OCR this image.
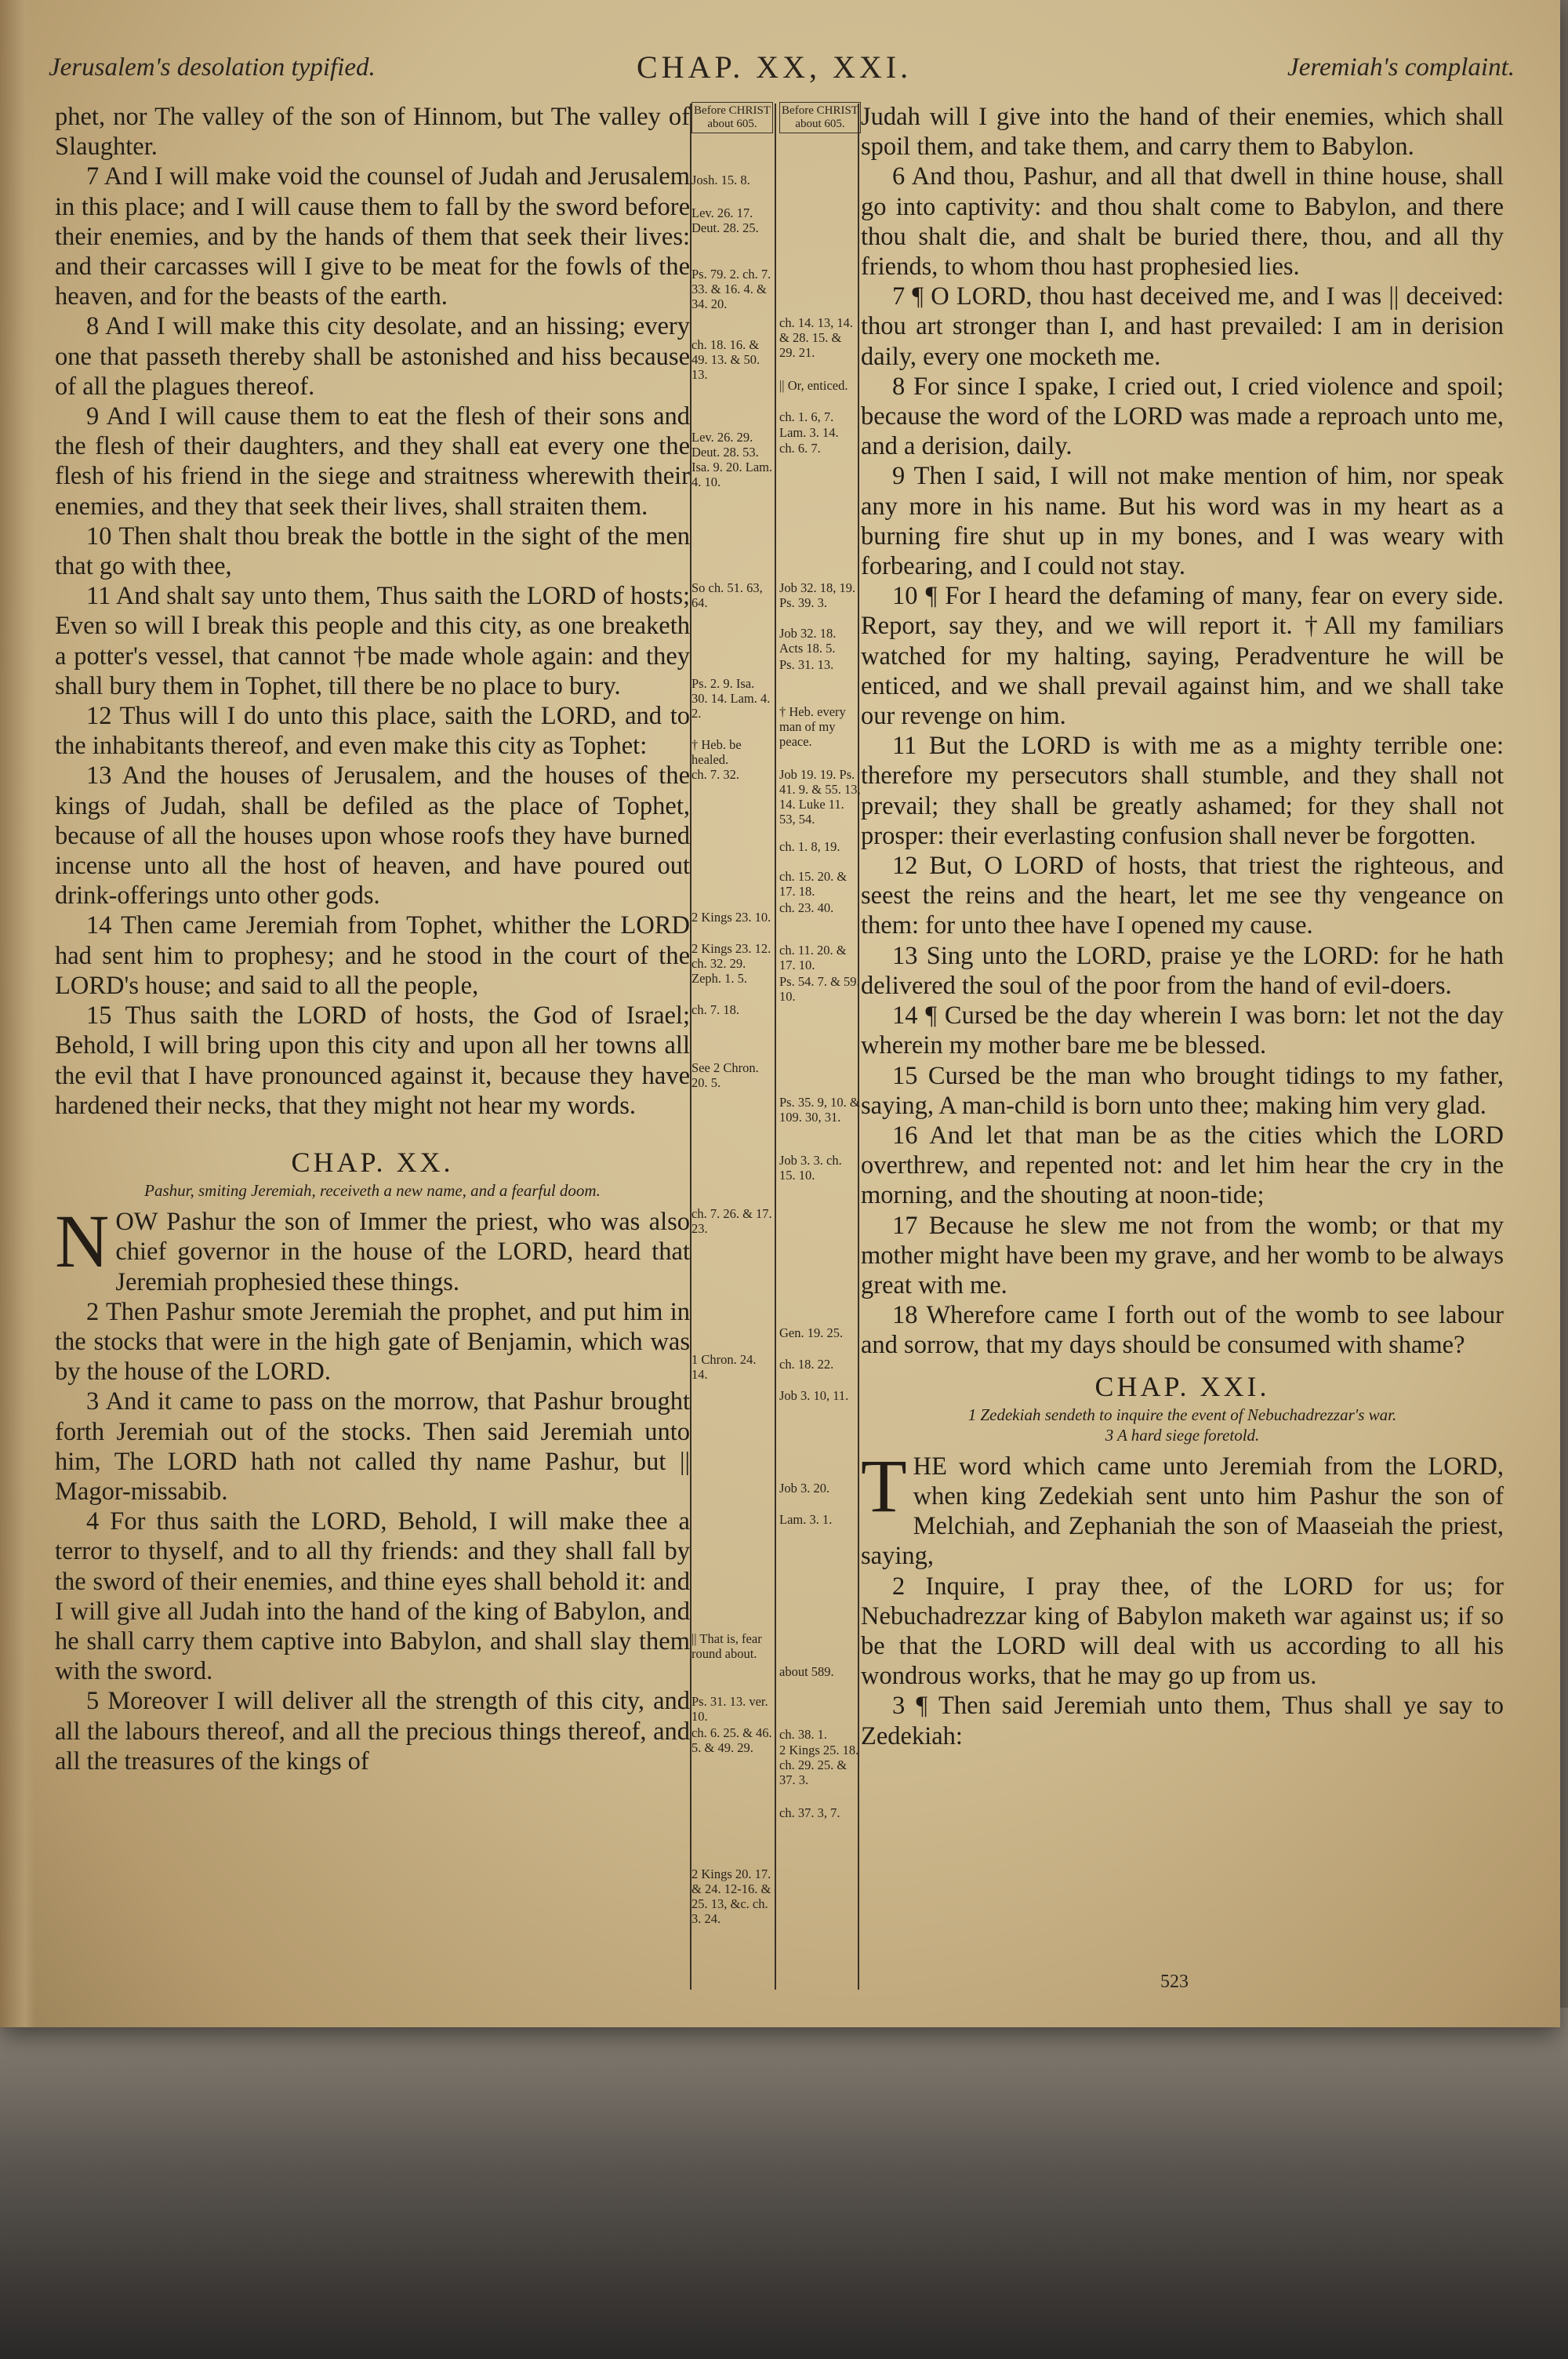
Jerusalem's desolation typified.	CHAP. XX, XXI.	Jeremiah's complaint.

phet, nor The valley of the son of Hinnom, but The valley of Slaughter.

7 And I will make void the counsel of Judah and Jerusalem in this place; and I will cause them to fall by the sword before their enemies, and by the hands of them that seek their lives: and their carcasses will I give to be meat for the fowls of the heaven, and for the beasts of the earth.

8 And I will make this city desolate, and an hissing; every one that passeth thereby shall be astonished and hiss because of all the plagues thereof.

9 And I will cause them to eat the flesh of their sons and the flesh of their daughters, and they shall eat every one the flesh of his friend in the siege and straitness wherewith their enemies, and they that seek their lives, shall straiten them.

10 Then shalt thou break the bottle in the sight of the men that go with thee,

11 And shalt say unto them, Thus saith the LORD of hosts; Even so will I break this people and this city, as one breaketh a potter's vessel, that cannot †be made whole again: and they shall bury them in Tophet, till there be no place to bury.

12 Thus will I do unto this place, saith the LORD, and to the inhabitants thereof, and even make this city as Tophet:

13 And the houses of Jerusalem, and the houses of the kings of Judah, shall be defiled as the place of Tophet, because of all the houses upon whose roofs they have burned incense unto all the host of heaven, and have poured out drink-offerings unto other gods.

14 Then came Jeremiah from Tophet, whither the LORD had sent him to prophesy; and he stood in the court of the LORD's house; and said to all the people,

15 Thus saith the LORD of hosts, the God of Israel; Behold, I will bring upon this city and upon all her towns all the evil that I have pronounced against it, because they have hardened their necks, that they might not hear my words.

CHAP. XX.
Pashur, smiting Jeremiah, receiveth a new name, and a fearful doom.

NOW Pashur the son of Immer the priest, who was also chief governor in the house of the LORD, heard that Jeremiah prophesied these things.

2 Then Pashur smote Jeremiah the prophet, and put him in the stocks that were in the high gate of Benjamin, which was by the house of the LORD.

3 And it came to pass on the morrow, that Pashur brought forth Jeremiah out of the stocks. Then said Jeremiah unto him, The LORD hath not called thy name Pashur, but || Magor-missabib.

4 For thus saith the LORD, Behold, I will make thee a terror to thyself, and to all thy friends: and they shall fall by the sword of their enemies, and thine eyes shall behold it: and I will give all Judah into the hand of the king of Babylon, and he shall carry them captive into Babylon, and shall slay them with the sword.

5 Moreover I will deliver all the strength of this city, and all the labours thereof, and all the precious things thereof, and all the treasures of the kings of

Before CHRIST about 605.
Josh. 15. 8.
Lev. 26. 17. Deut. 28. 25.
Ps. 79. 2. ch. 7. 33. & 16. 4. & 34. 20.
ch. 18. 16. & 49. 13. & 50. 13.
Lev. 26. 29. Deut. 28. 53. Isa. 9. 20. Lam. 4. 10.
So ch. 51. 63, 64.
Ps. 2. 9. Isa. 30. 14. Lam. 4. 2.
† Heb. be healed.
ch. 7. 32.
2 Kings 23. 10.
2 Kings 23. 12. ch. 32. 29. Zeph. 1. 5.
ch. 7. 18.
See 2 Chron. 20. 5.
ch. 7. 26. & 17. 23.
1 Chron. 24. 14.
|| That is, fear round about.
Ps. 31. 13. ver. 10.
ch. 6. 25. & 46. 5. & 49. 29.
2 Kings 20. 17. & 24. 12-16. & 25. 13, &c. ch. 3. 24.
Before CHRIST about 605.
ch. 14. 13, 14. & 28. 15. & 29. 21.
|| Or, enticed.
ch. 1. 6, 7.
Lam. 3. 14.
ch. 6. 7.
Job 32. 18, 19. Ps. 39. 3.
Job 32. 18. Acts 18. 5.
Ps. 31. 13.
† Heb. every man of my peace.
Job 19. 19. Ps. 41. 9. & 55. 13, 14. Luke 11. 53, 54.
ch. 1. 8, 19.
ch. 15. 20. & 17. 18.
ch. 23. 40.
ch. 11. 20. & 17. 10.
Ps. 54. 7. & 59. 10.
Ps. 35. 9, 10. & 109. 30, 31.
Job 3. 3. ch. 15. 10.
Gen. 19. 25.
ch. 18. 22.
Job 3. 10, 11.
Job 3. 20.
Lam. 3. 1.
about 589.
ch. 38. 1.
2 Kings 25. 18. ch. 29. 25. & 37. 3.
ch. 37. 3, 7.

Judah will I give into the hand of their enemies, which shall spoil them, and take them, and carry them to Babylon.

6 And thou, Pashur, and all that dwell in thine house, shall go into captivity: and thou shalt come to Babylon, and there thou shalt die, and shalt be buried there, thou, and all thy friends, to whom thou hast prophesied lies.

7 ¶ O LORD, thou hast deceived me, and I was || deceived: thou art stronger than I, and hast prevailed: I am in derision daily, every one mocketh me.

8 For since I spake, I cried out, I cried violence and spoil; because the word of the LORD was made a reproach unto me, and a derision, daily.

9 Then I said, I will not make mention of him, nor speak any more in his name. But his word was in my heart as a burning fire shut up in my bones, and I was weary with forbearing, and I could not stay.

10 ¶ For I heard the defaming of many, fear on every side. Report, say they, and we will report it. †All my familiars watched for my halting, saying, Peradventure he will be enticed, and we shall prevail against him, and we shall take our revenge on him.

11 But the LORD is with me as a mighty terrible one: therefore my persecutors shall stumble, and they shall not prevail; they shall be greatly ashamed; for they shall not prosper: their everlasting confusion shall never be forgotten.

12 But, O LORD of hosts, that triest the righteous, and seest the reins and the heart, let me see thy vengeance on them: for unto thee have I opened my cause.

13 Sing unto the LORD, praise ye the LORD: for he hath delivered the soul of the poor from the hand of evil-doers.

14 ¶ Cursed be the day wherein I was born: let not the day wherein my mother bare me be blessed.

15 Cursed be the man who brought tidings to my father, saying, A man-child is born unto thee; making him very glad.

16 And let that man be as the cities which the LORD overthrew, and repented not: and let him hear the cry in the morning, and the shouting at noon-tide;

17 Because he slew me not from the womb; or that my mother might have been my grave, and her womb to be always great with me.

18 Wherefore came I forth out of the womb to see labour and sorrow, that my days should be consumed with shame?

CHAP. XXI.
1 Zedekiah sendeth to inquire the event of Nebuchadrezzar's war.
3 A hard siege foretold.

THE word which came unto Jeremiah from the LORD, when king Zedekiah sent unto him Pashur the son of Melchiah, and Zephaniah the son of Maaseiah the priest, saying,

2 Inquire, I pray thee, of the LORD for us; for Nebuchadrezzar king of Babylon maketh war against us; if so be that the LORD will deal with us according to all his wondrous works, that he may go up from us.

3 ¶ Then said Jeremiah unto them, Thus shall ye say to Zedekiah:

523
